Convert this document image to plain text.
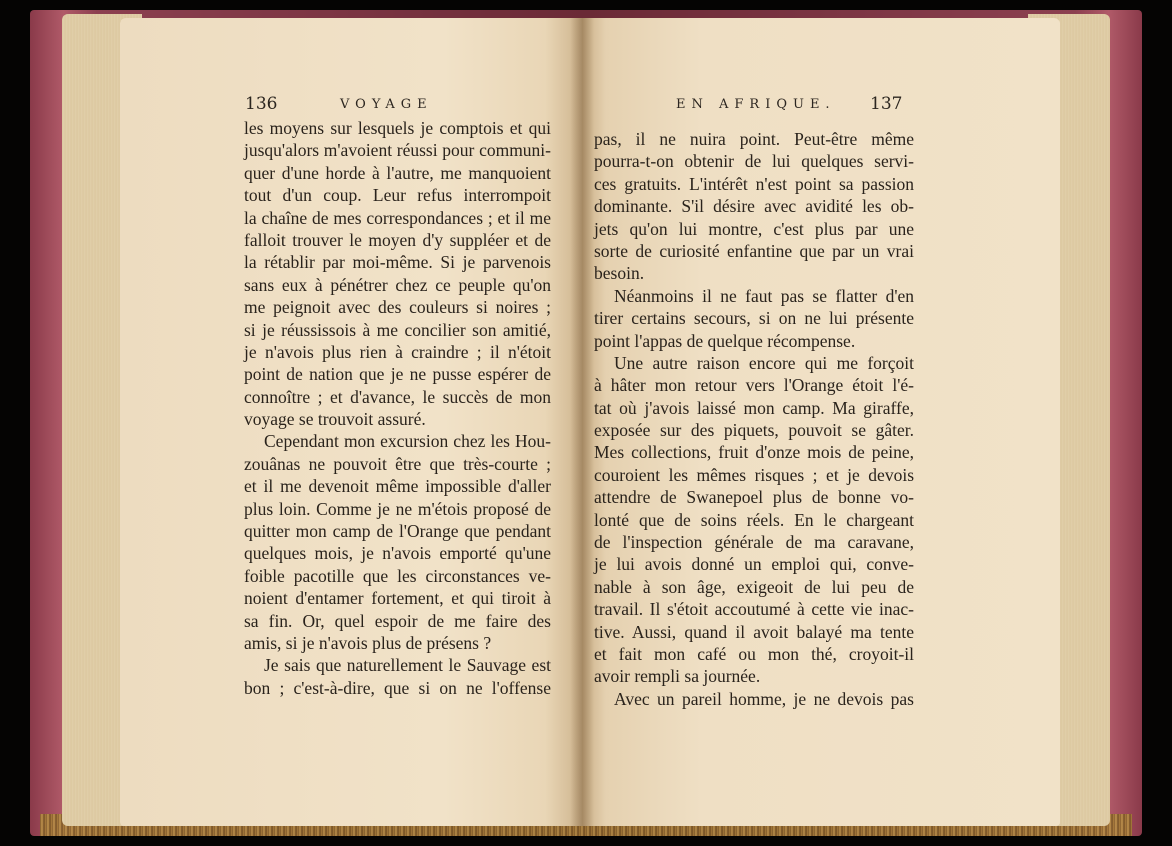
136	VOYAGE	EN AFRIQUE. 137
les moyens sur lesquels je comptois et qui
jusqu'alors m'avoient réussi pour communi-
quer d'une horde à l'autre, me manquoient
tout d'un coup. Leur refus interrompoit
la chaîne de mes correspondances ; et il me
falloit trouver le moyen d'y suppléer et de
la rétablir par moi-même. Si je parvenois
sans eux à pénétrer chez ce peuple qu'on
me peignoit avec des couleurs si noires ;
si je réussissois à me concilier son amitié,
je n'avois plus rien à craindre ; il n'étoit
point de nation que je ne pusse espérer de
connoître ; et d'avance, le succès de mon
voyage se trouvoit assuré.
Cependant mon excursion chez les Hou-
zouânas ne pouvoit être que très-courte ;
et il me devenoit même impossible d'aller
plus loin. Comme je ne m'étois proposé de
quitter mon camp de l'Orange que pendant
quelques mois, je n'avois emporté qu'une
foible pacotille que les circonstances ve-
noient d'entamer fortement, et qui tiroit à
sa fin. Or, quel espoir de me faire des
amis, si je n'avois plus de présens ?
Je sais que naturellement le Sauvage est
bon ; c'est-à-dire, que si on ne l'offense
pas, il ne nuira point. Peut-être même
pourra-t-on obtenir de lui quelques servi-
ces gratuits. L'intérêt n'est point sa passion
dominante. S'il désire avec avidité les ob-
jets qu'on lui montre, c'est plus par une
sorte de curiosité enfantine que par un vrai
besoin.
Néanmoins il ne faut pas se flatter d'en
tirer certains secours, si on ne lui présente
point l'appas de quelque récompense.
Une autre raison encore qui me forçoit
à hâter mon retour vers l'Orange étoit l'é-
tat où j'avois laissé mon camp. Ma giraffe,
exposée sur des piquets, pouvoit se gâter.
Mes collections, fruit d'onze mois de peine,
couroient les mêmes risques ; et je devois
attendre de Swanepoel plus de bonne vo-
lonté que de soins réels. En le chargeant
de l'inspection générale de ma caravane,
je lui avois donné un emploi qui, conve-
nable à son âge, exigeoit de lui peu de
travail. Il s'étoit accoutumé à cette vie inac-
tive. Aussi, quand il avoit balayé ma tente
et fait mon café ou mon thé, croyoit-il
avoir rempli sa journée.
Avec un pareil homme, je ne devois pas
